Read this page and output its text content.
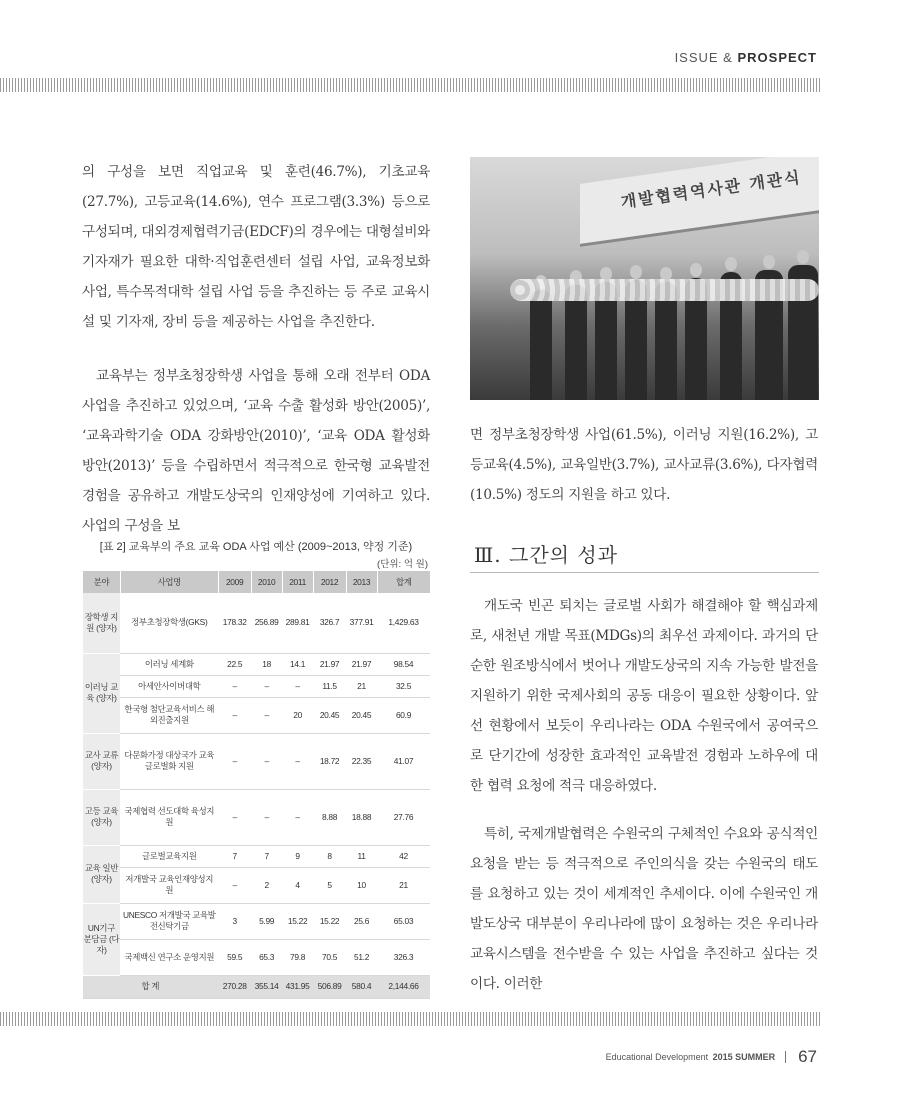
ISSUE & PROSPECT

의 구성을 보면 직업교육 및 훈련(46.7%), 기초교육(27.7%), 고등교육(14.6%), 연수 프로그램(3.3%) 등으로 구성되며, 대외경제협력기금(EDCF)의 경우에는 대형설비와 기자재가 필요한 대학·직업훈련센터 설립 사업, 교육정보화 사업, 특수목적대학 설립 사업 등을 추진하는 등 주로 교육시설 및 기자재, 장비 등을 제공하는 사업을 추진한다.

교육부는 정부초청장학생 사업을 통해 오래 전부터 ODA 사업을 추진하고 있었으며, ‘교육 수출 활성화 방안(2005)’, ‘교육과학기술 ODA 강화방안(2010)’, ‘교육 ODA 활성화 방안(2013)’ 등을 수립하면서 적극적으로 한국형 교육발전 경험을 공유하고 개발도상국의 인재양성에 기여하고 있다. 사업의 구성을 보

개발협력역사관 개관식

면 정부초청장학생 사업(61.5%), 이러닝 지원(16.2%), 고등교육(4.5%), 교육일반(3.7%), 교사교류(3.6%), 다자협력(10.5%) 정도의 지원을 하고 있다.

[표 2] 교육부의 주요 교육 ODA 사업 예산 (2009~2013, 약정 기준)
(단위: 억 원)
분야	사업명	2009	2010	2011	2012	2013	합계
장학생 지원 (양자)	정부초청장학생(GKS)	178.32	256.89	289.81	326.7	377.91	1,429.63
이러닝 교육 (양자)	이러닝 세계화	22.5	18	14.1	21.97	21.97	98.54
	아세안사이버대학	–	–	–	11.5	21	32.5
	한국형 첨단교육서비스 해외진출지원	–	–	20	20.45	20.45	60.9
교사 교류 (양자)	다문화가정 대상국가 교육글로벌화 지원	–	–	–	18.72	22.35	41.07
고등 교육 (양자)	국제협력 선도대학 육성지원	–	–	–	8.88	18.88	27.76
교육 일반 (양자)	글로벌교육지원	7	7	9	8	11	42
	저개발국 교육인재양성지원	–	2	4	5	10	21
UN기구 분담금 (다자)	UNESCO 저개발국 교육발전신탁기금	3	5.99	15.22	15.22	25.6	65.03
	국제백신 연구소 운영지원	59.5	65.3	79.8	70.5	51.2	326.3
합 계		270.28	355.14	431.95	506.89	580.4	2,144.66
Ⅲ. 그간의 성과

개도국 빈곤 퇴치는 글로벌 사회가 해결해야 할 핵심과제로, 새천년 개발 목표(MDGs)의 최우선 과제이다. 과거의 단순한 원조방식에서 벗어나 개발도상국의 지속 가능한 발전을 지원하기 위한 국제사회의 공동 대응이 필요한 상황이다. 앞선 현황에서 보듯이 우리나라는 ODA 수원국에서 공여국으로 단기간에 성장한 효과적인 교육발전 경험과 노하우에 대한 협력 요청에 적극 대응하였다.

특히, 국제개발협력은 수원국의 구체적인 수요와 공식적인 요청을 받는 등 적극적으로 주인의식을 갖는 수원국의 태도를 요청하고 있는 것이 세계적인 추세이다. 이에 수원국인 개발도상국 대부분이 우리나라에 많이 요청하는 것은 우리나라 교육시스템을 전수받을 수 있는 사업을 추진하고 싶다는 것이다. 이러한

Educational Development 2015 SUMMER 67
